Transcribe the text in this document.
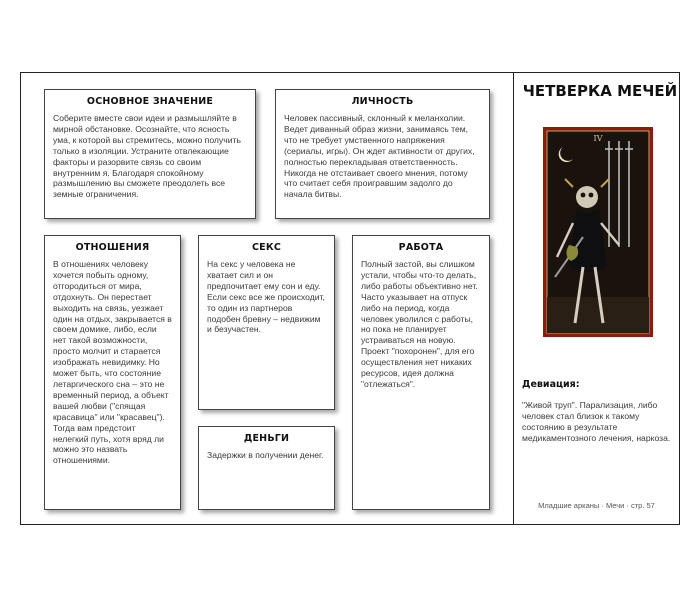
ОСНОВНОЕ ЗНАЧЕНИЕ

Соберите вместе свои идеи и размышляйте в мирной обстановке. Осознайте, что ясность ума, к которой вы стремитесь, можно получить только в изоляции. Устраните отвлекающие факторы и разорвите связь со своим внутренним я. Благодаря спокойному размышлению вы сможете преодолеть все земные ограничения.

ЛИЧНОСТЬ

Человек пассивный, склонный к меланхолии. Ведет диванный образ жизни, занимаясь тем, что не требует умственного напряжения (сериалы, игры). Он ждет активности от других, полностью перекладывая ответственность. Никогда не отстаивает своего мнения, потому что считает себя проигравшим задолго до начала битвы.

ОТНОШЕНИЯ

В отношениях человеку хочется побыть одному, отгородиться от мира, отдохнуть. Он перестает выходить на связь, уезжает один на отдых, закрывается в своем домике, либо, если нет такой возможности, просто молчит и старается изображать невидимку. Но может быть, что состояние летаргического сна – это не временный период, а объект вашей любви ("спящая красавица" или "красавец"). Тогда вам предстоит нелегкий путь, хотя вряд ли можно это назвать отношениями.

СЕКС

На секс у человека не хватает сил и он предпочитает ему сон и еду. Если секс все же происходит, то один из партнеров подобен бревну – недвижим и безучастен.

ДЕНЬГИ

Задержки в получении денег.

РАБОТА

Полный застой, вы слишком устали, чтобы что-то делать, либо работы объективно нет. Часто указывает на отпуск либо на период, когда человек уволился с работы, но пока не планирует устраиваться на новую. Проект "похоронен", для его осуществления нет никаких ресурсов, идея должна "отлежаться".

ЧЕТВЕРКА МЕЧЕЙ
IV
Девиация:
"Живой труп". Парализация, либо человек стал близок к такому состоянию в результате медикаментозного лечения, наркоза.
Младшие арканы · Мечи · стр. 57
